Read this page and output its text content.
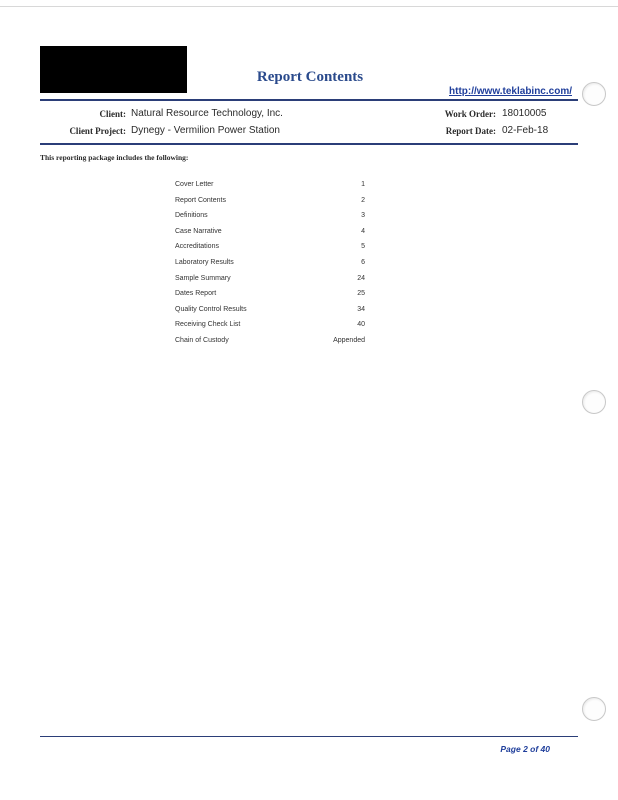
Report Contents
http://www.teklabinc.com/
Client: Natural Resource Technology, Inc.
Client Project: Dynegy - Vermilion Power Station
Work Order: 18010005
Report Date: 02-Feb-18
This reporting package includes the following:
Cover Letter	1
Report Contents	2
Definitions	3
Case Narrative	4
Accreditations	5
Laboratory Results	6
Sample Summary	24
Dates Report	25
Quality Control Results	34
Receiving Check List	40
Chain of Custody	Appended
Page 2 of 40
